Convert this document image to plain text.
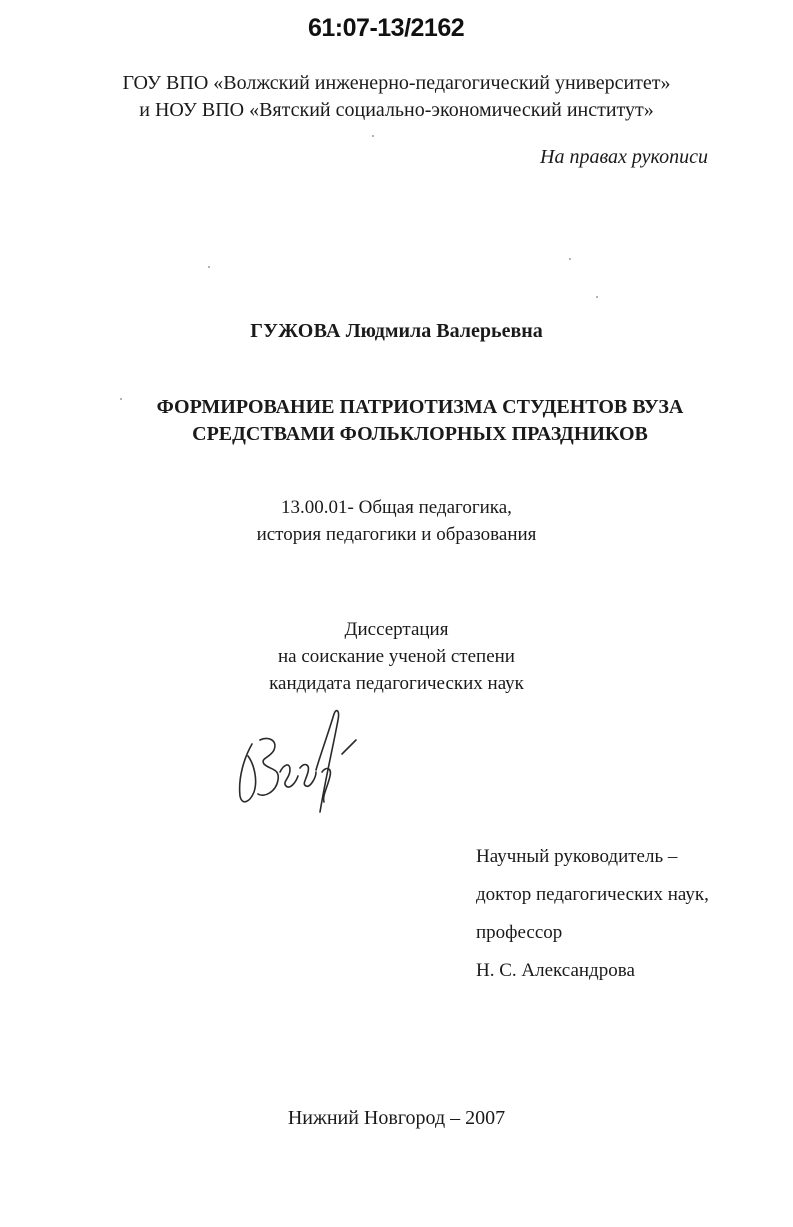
61:07-13/2162
ГОУ ВПО «Волжский инженерно-педагогический университет»
и НОУ ВПО «Вятский социально-экономический институт»
На правах рукописи
ГУЖОВА Людмила Валерьевна
ФОРМИРОВАНИЕ ПАТРИОТИЗМА СТУДЕНТОВ ВУЗА
СРЕДСТВАМИ ФОЛЬКЛОРНЫХ ПРАЗДНИКОВ
13.00.01- Общая педагогика,
история педагогики и образования
Диссертация
на соискание ученой степени
кандидата педагогических наук
Научный руководитель –
доктор педагогических наук,
профессор
Н. С. Александрова
Нижний Новгород – 2007
